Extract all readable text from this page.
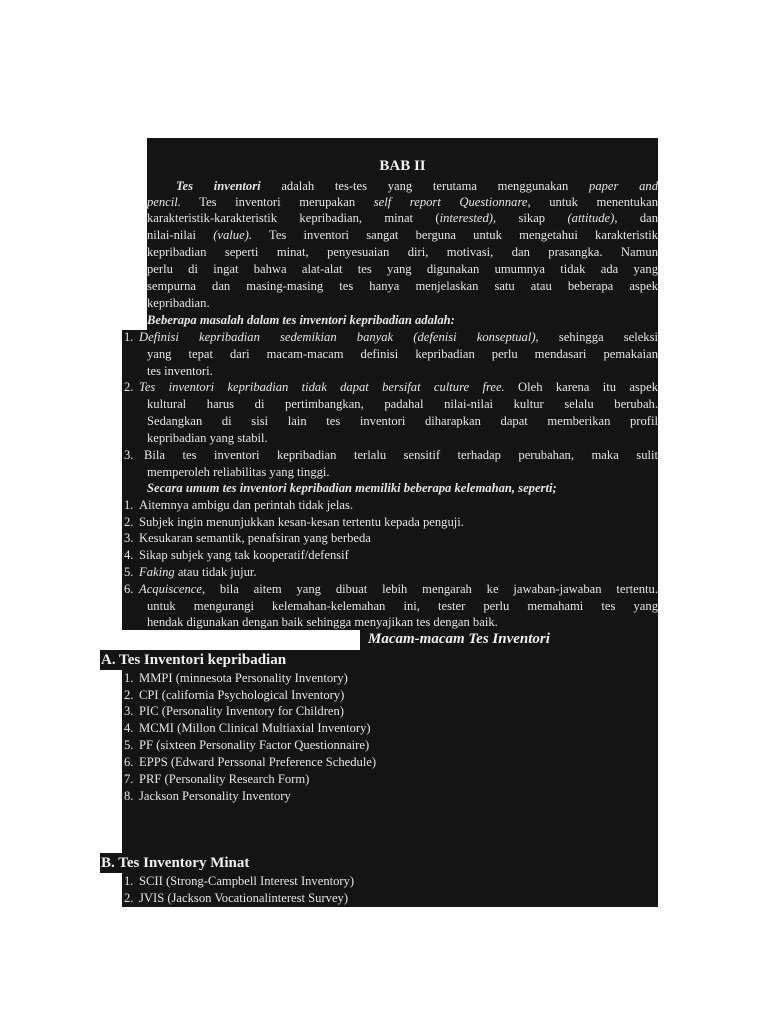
BAB II
Tes inventori adalah tes-tes yang terutama menggunakan paper and
pencil. Tes inventori merupakan self report Questionnare, untuk menentukan
karakteristik-karakteristik kepribadian, minat (interested), sikap (attitude), dan
nilai-nilai (value). Tes inventori sangat berguna untuk mengetahui karakteristik
kepribadian seperti minat, penyesuaian diri, motivasi, dan prasangka. Namun
perlu di ingat bahwa alat-alat tes yang digunakan umumnya tidak ada yang
sempurna dan masing-masing tes hanya menjelaskan satu atau beberapa aspek
kepribadian.
Beberapa masalah dalam tes inventori kepribadian adalah:
1. Definisi kepribadian sedemikian banyak (defenisi konseptual), sehingga seleksi
yang tepat dari macam-macam definisi kepribadian perlu mendasari pemakaian
tes inventori.
2. Tes inventori kepribadian tidak dapat bersifat culture free. Oleh karena itu aspek
kultural harus di pertimbangkan, padahal nilai-nilai kultur selalu berubah.
Sedangkan di sisi lain tes inventori diharapkan dapat memberikan profil
kepribadian yang stabil.
3. Bila tes inventori kepribadian terlalu sensitif terhadap perubahan, maka sulit
memperoleh reliabilitas yang tinggi.
Secara umum tes inventori kepribadian memiliki beberapa kelemahan, seperti;
1. Aitemnya ambigu dan perintah tidak jelas.
2. Subjek ingin menunjukkan kesan-kesan tertentu kepada penguji.
3. Kesukaran semantik, penafsiran yang berbeda
4. Sikap subjek yang tak kooperatif/defensif
5. Faking atau tidak jujur.
6. Acquiscence, bila aitem yang dibuat lebih mengarah ke jawaban-jawaban tertentu.
untuk mengurangi kelemahan-kelemahan ini, tester perlu memahami tes yang
hendak digunakan dengan baik sehingga menyajikan tes dengan baik.
Macam-macam Tes Inventori
A. Tes Inventori kepribadian
1. MMPI (minnesota Personality Inventory)
2. CPI (california Psychological Inventory)
3. PIC (Personality Inventory for Children)
4. MCMI (Millon Clinical Multiaxial Inventory)
5. PF (sixteen Personality Factor Questionnaire)
6. EPPS (Edward Perssonal Preference Schedule)
7. PRF (Personality Research Form)
8. Jackson Personality Inventory
B. Tes Inventory Minat
1. SCII (Strong-Campbell Interest Inventory)
2. JVIS (Jackson Vocationalinterest Survey)
